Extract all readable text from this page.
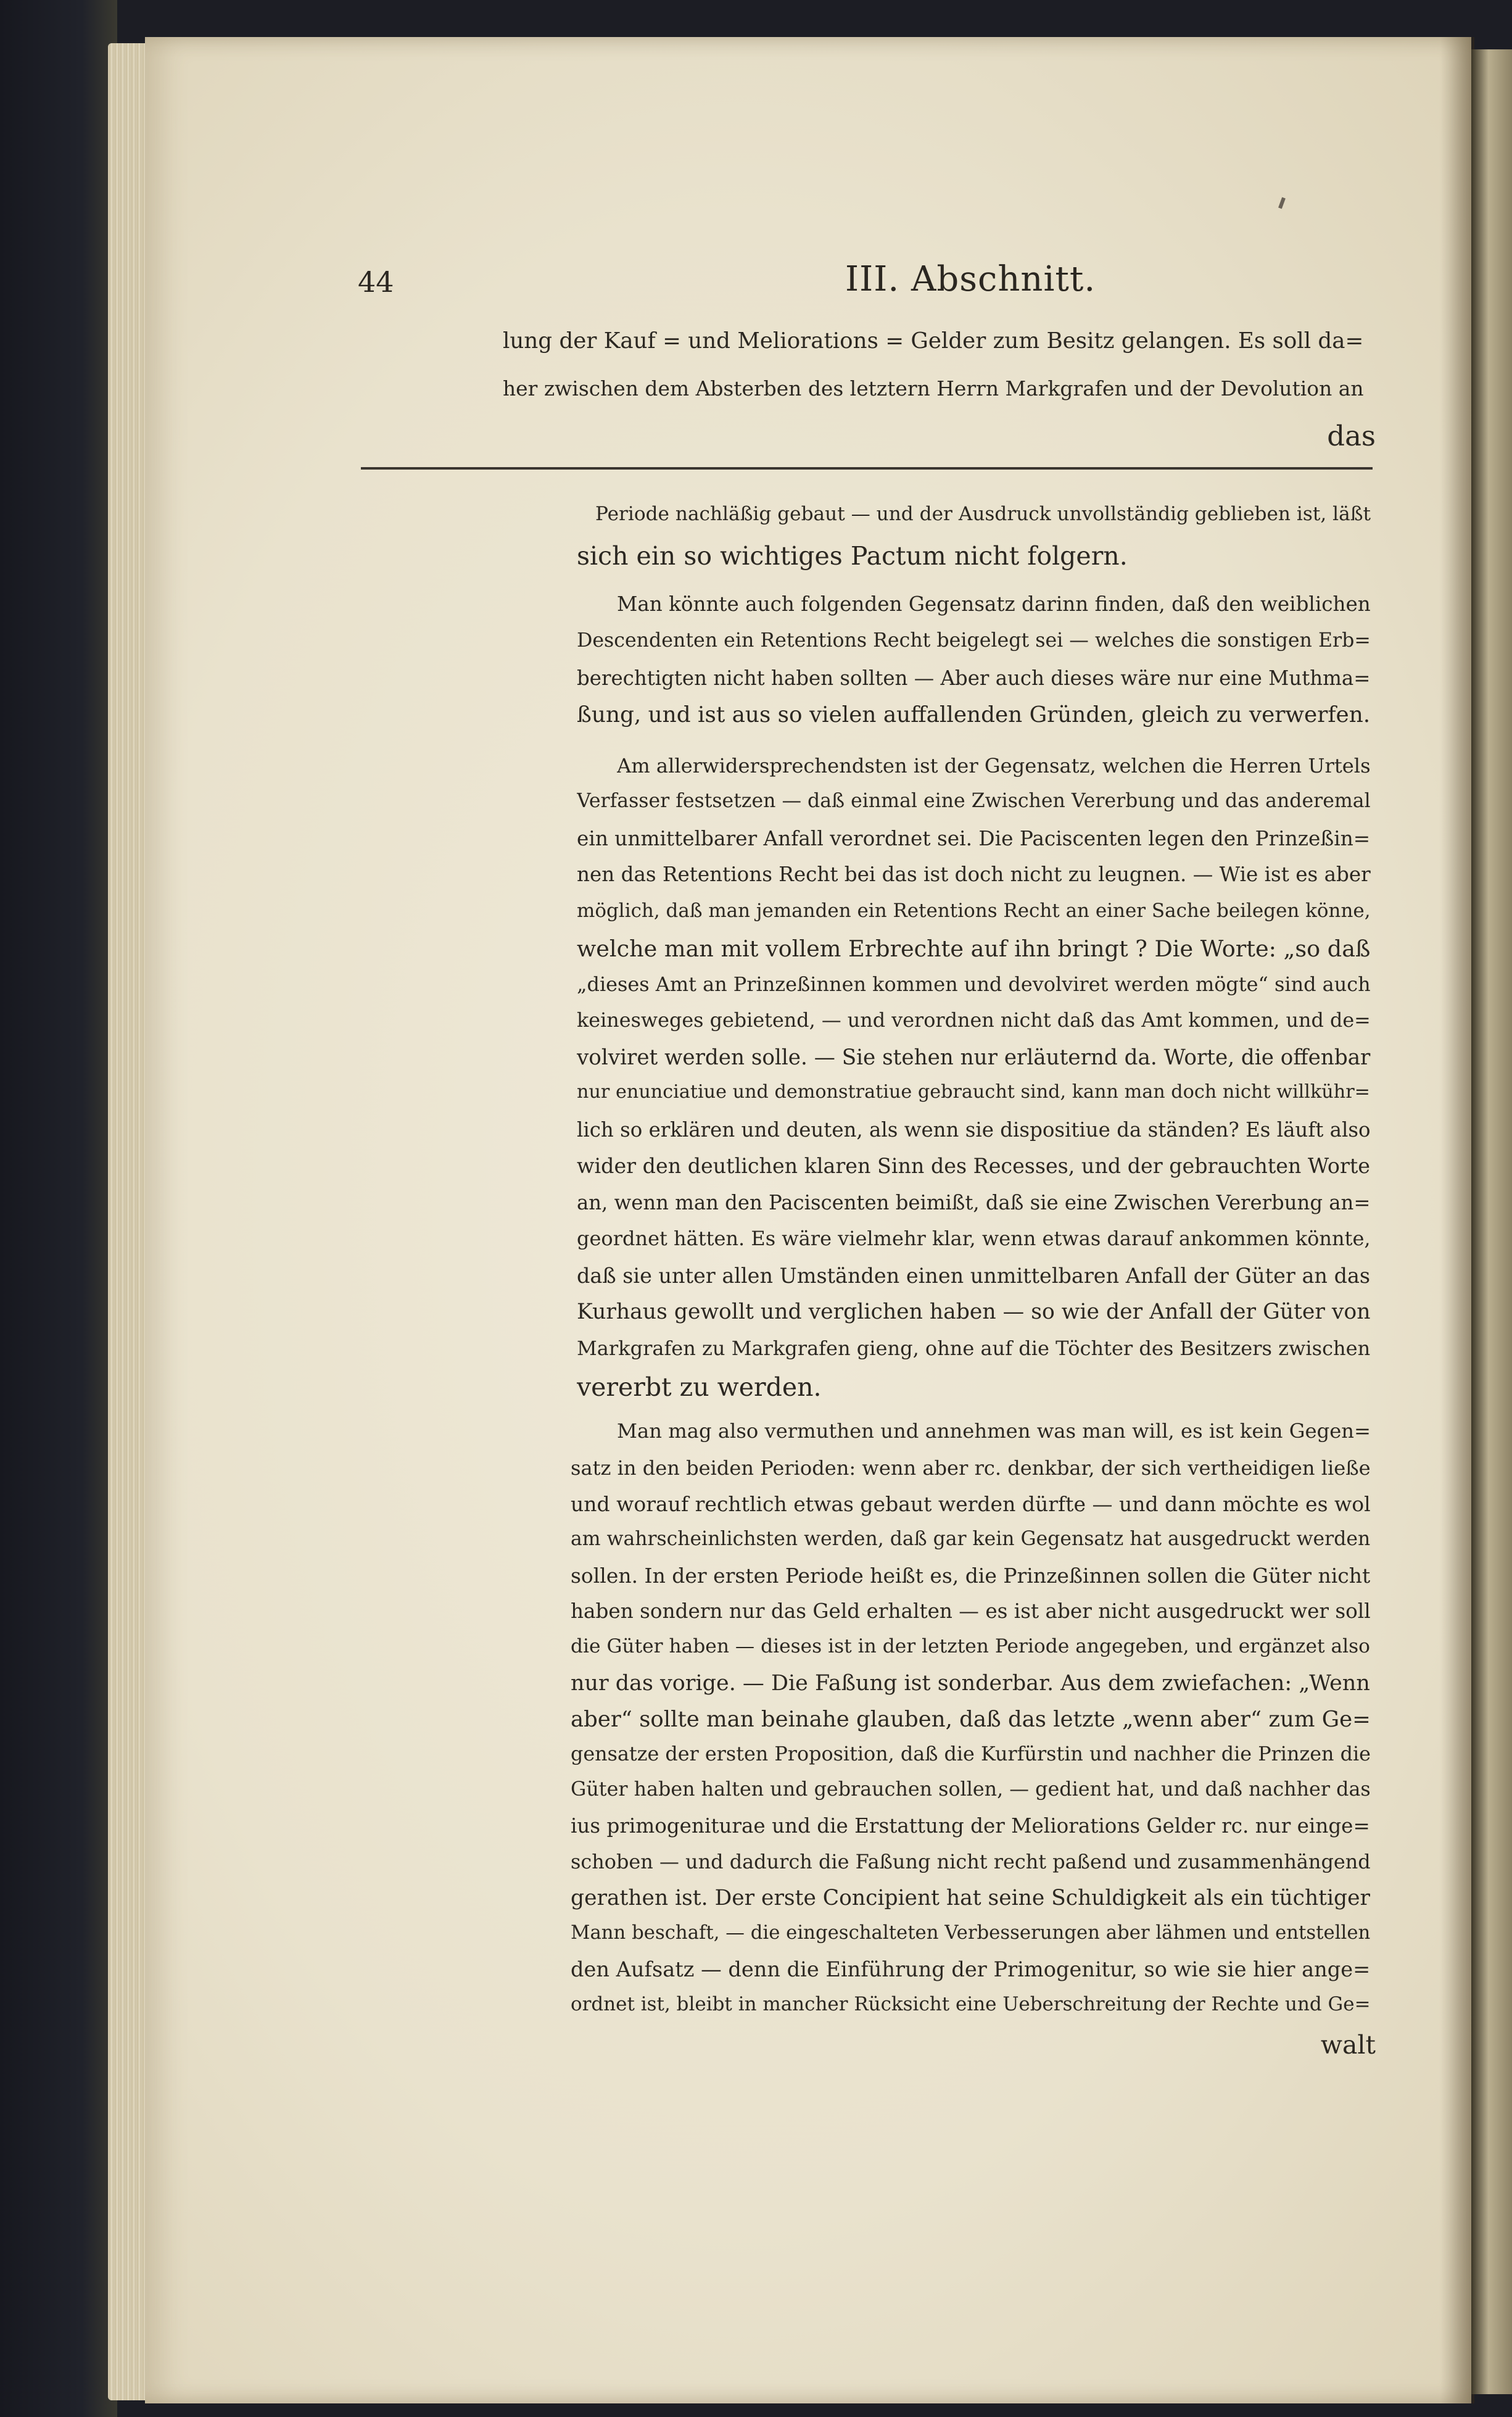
44	III. Abschnitt.
lung der Kauf = und Meliorations = Gelder zum Besitz gelangen. Es soll da=
her zwischen dem Absterben des letztern Herrn Markgrafen und der Devolution an
das
Periode nachläßig gebaut — und der Ausdruck unvollständig geblieben ist, läßt
sich ein so wichtiges Pactum nicht folgern.
Man könnte auch folgenden Gegensatz darinn finden, daß den weiblichen
Descendenten ein Retentions Recht beigelegt sei — welches die sonstigen Erb=
berechtigten nicht haben sollten — Aber auch dieses wäre nur eine Muthma=
ßung, und ist aus so vielen auffallenden Gründen, gleich zu verwerfen.
Am allerwidersprechendsten ist der Gegensatz, welchen die Herren Urtels
Verfasser festsetzen — daß einmal eine Zwischen Vererbung und das anderemal
ein unmittelbarer Anfall verordnet sei. Die Paciscenten legen den Prinzeßin=
nen das Retentions Recht bei das ist doch nicht zu leugnen. — Wie ist es aber
möglich, daß man jemanden ein Retentions Recht an einer Sache beilegen könne,
welche man mit vollem Erbrechte auf ihn bringt ? Die Worte: „so daß
„dieses Amt an Prinzeßinnen kommen und devolviret werden mögte“ sind auch
keinesweges gebietend, — und verordnen nicht daß das Amt kommen, und de=
volviret werden solle. — Sie stehen nur erläuternd da. Worte, die offenbar
nur enunciatiue und demonstratiue gebraucht sind, kann man doch nicht willkühr=
lich so erklären und deuten, als wenn sie dispositiue da ständen? Es läuft also
wider den deutlichen klaren Sinn des Recesses, und der gebrauchten Worte
an, wenn man den Paciscenten beimißt, daß sie eine Zwischen Vererbung an=
geordnet hätten. Es wäre vielmehr klar, wenn etwas darauf ankommen könnte,
daß sie unter allen Umständen einen unmittelbaren Anfall der Güter an das
Kurhaus gewollt und verglichen haben — so wie der Anfall der Güter von
Markgrafen zu Markgrafen gieng, ohne auf die Töchter des Besitzers zwischen
vererbt zu werden.
Man mag also vermuthen und annehmen was man will, es ist kein Gegen=
satz in den beiden Perioden: wenn aber rc. denkbar, der sich vertheidigen ließe
und worauf rechtlich etwas gebaut werden dürfte — und dann möchte es wol
am wahrscheinlichsten werden, daß gar kein Gegensatz hat ausgedruckt werden
sollen. In der ersten Periode heißt es, die Prinzeßinnen sollen die Güter nicht
haben sondern nur das Geld erhalten — es ist aber nicht ausgedruckt wer soll
die Güter haben — dieses ist in der letzten Periode angegeben, und ergänzet also
nur das vorige. — Die Faßung ist sonderbar. Aus dem zwiefachen: „Wenn
aber“ sollte man beinahe glauben, daß das letzte „wenn aber“ zum Ge=
gensatze der ersten Proposition, daß die Kurfürstin und nachher die Prinzen die
Güter haben halten und gebrauchen sollen, — gedient hat, und daß nachher das
ius primogeniturae und die Erstattung der Meliorations Gelder rc. nur einge=
schoben — und dadurch die Faßung nicht recht paßend und zusammenhängend
gerathen ist. Der erste Concipient hat seine Schuldigkeit als ein tüchtiger
Mann beschaft, — die eingeschalteten Verbesserungen aber lähmen und entstellen
den Aufsatz — denn die Einführung der Primogenitur, so wie sie hier ange=
ordnet ist, bleibt in mancher Rücksicht eine Ueberschreitung der Rechte und Ge=
walt
